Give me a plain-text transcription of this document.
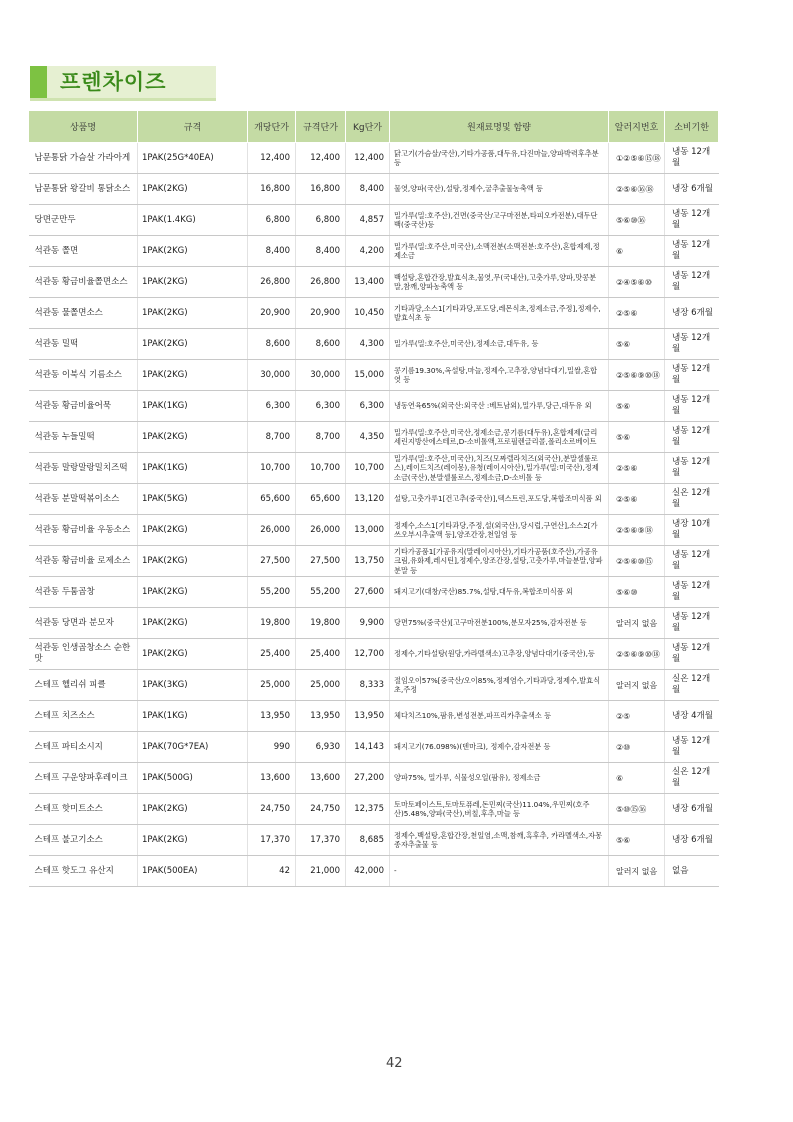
프렌차이즈
상품명	규격	개당단가	규격단가	Kg단가	원재료명및 함량	알러지번호	소비기한
남문통닭 가슴살 가라아게	1PAK(25G*40EA)	12,400	12,400	12,400	닭고기(가슴살/국산),기타가공품,대두유,다진마늘,양파박력후추분 등	①②⑤⑥⑮⑱	냉동 12개월
남문통닭 왕갈비 통닭소스	1PAK(2KG)	16,800	16,800	8,400	물엿,양파(국산),설탕,정제수,굴추출물농축액 등	②⑤⑥⑯⑱	냉장 6개월
당면군만두	1PAK(1.4KG)	6,800	6,800	4,857	밀가루(밀:호주산),건면(중국산/고구마전분,타피오카전분),대두단백(중국산)등	⑤⑥⑩⑯	냉동 12개월
석관동 쫄면	1PAK(2KG)	8,400	8,400	4,200	밀가루(밀:호주산,미국산),소맥전분(소맥전분:호주산),혼합제제,정제소금	⑥	냉동 12개월
석관동 황금비율쫄면소스	1PAK(2KG)	26,800	26,800	13,400	백설탕,혼합간장,발효식초,물엿,무(국내산),고춧가루,양파,맛콩분말,참깨,양파농축액 등	②④⑤⑥⑩	냉동 12개월
석관동 물쫄면소스	1PAK(2KG)	20,900	20,900	10,450	기타과당,소스1[기타과당,포도당,레몬식초,정제소금,주정],정제수,발효식초 등	②⑤⑥	냉장 6개월
석관동 밀떡	1PAK(2KG)	8,600	8,600	4,300	밀가루(밀:호주산,미국산),정제소금,대두유, 등	⑤⑥	냉동 12개월
석관동 이북식 기름소스	1PAK(2KG)	30,000	30,000	15,000	콩기름19.30%,옥설탕,마늘,정제수,고추장,양념다대기,밀쌀,혼합엿 등	②⑤⑥⑨⑩⑱	냉동 12개월
석관동 황금비율어묵	1PAK(1KG)	6,300	6,300	6,300	냉동연육65%(외국산:외국산 :베트남외),밀가루,당근,대두유 외	⑤⑥	냉동 12개월
석관동 누들밀떡	1PAK(2KG)	8,700	8,700	4,350	밀가루(밀:호주산,미국산,정제소금,콩기름(대두유),혼합제제(글리세린지방산에스테르,D-소비톨액,프로필렌글리콜,폴리소르베이트	⑤⑥	냉동 12개월
석관동 말랑말랑밀치즈떡	1PAK(1KG)	10,700	10,700	10,700	밀가루(밀:호주산,미국산),치즈(모짜렐라치즈(외국산),분말셀룰로스),레이드치즈(레이몽),유청(레이시아산),밀가루(밀:미국산),정제소금(국산),분말셀룰로스,정제소금,D-소비톨 등	②⑤⑥	냉동 12개월
석관동 분말떡볶이소스	1PAK(5KG)	65,600	65,600	13,120	설탕,고춧가루1[건고추(중국산)],덱스트린,포도당,복합조미식품 외	②⑤⑥	실온 12개월
석관동 황금비율 우동소스	1PAK(2KG)	26,000	26,000	13,000	정제수,소스1[기타과당,주정,설(외국산),당시럽,구연산],소스2[가쓰오부시추출액 등],양조간장,천일염 등	②⑤⑥⑨⑱	냉장 10개월
석관동 황금비율 로제소스	1PAK(2KG)	27,500	27,500	13,750	기타가공품1[가공유지(말레이시아산),기타가공품(호주산),가공유크림,유화제,레시틴],정제수,양조간장,설탕,고춧가루,마늘분말,양파분말 등	②⑤⑥⑩⑮	냉동 12개월
석관동 두툼곱창	1PAK(2KG)	55,200	55,200	27,600	돼지고기(대창/국산)85.7%,설탕,대두유,복합조미식품 외	⑤⑥⑩	냉동 12개월
석관동 당면과 분모자	1PAK(2KG)	19,800	19,800	9,900	당면75%(중국산)[고구마전분100%,분모자25%,감자전분 등	알러지 없음	냉동 12개월
석관동 인생곱창소스 순한맛	1PAK(2KG)	25,400	25,400	12,700	정제수,기타설탕(원당,카라멜색소)고추장,양념다대기(중국산),등	②⑤⑥⑨⑩⑱	냉동 12개월
스테프 헬리쉬 피클	1PAK(3KG)	25,000	25,000	8,333	절임오이57%[중국산/오이85%,정제염수,기타과당,정제수,발효식초,주정	알러지 없음	실온 12개월
스테프 치즈소스	1PAK(1KG)	13,950	13,950	13,950	체다치즈10%,팜유,변성전분,파프리카추출색소 등	②⑤	냉장 4개월
스테프 파티소시지	1PAK(70G*7EA)	990	6,930	14,143	돼지고기(76.098%)(덴마크), 정제수,감자전분 등	②⑩	냉동 12개월
스테프 구운양파후레이크	1PAK(500G)	13,600	13,600	27,200	양파75%, 밀가루, 식물성오일(팜유), 정제소금	⑥	실온 12개월
스테프 핫미트소스	1PAK(2KG)	24,750	24,750	12,375	토마토페이스트,토마토퓨레,돈민찌(국산)11.04%,우민찌(호주산)5.48%,양파(국산),버칠,후추,마늘 등	⑤⑩⑮⑯	냉장 6개월
스테프 불고기소스	1PAK(2KG)	17,370	17,370	8,685	정제수,백설탕,혼합간장,천일염,소맥,참깨,흑후추, 카라멜색소,자몽종자추출물 등	⑤⑥	냉장 6개월
스테프 핫도그 유산지	1PAK(500EA)	42	21,000	42,000	-	알러지 없음	없음
42
